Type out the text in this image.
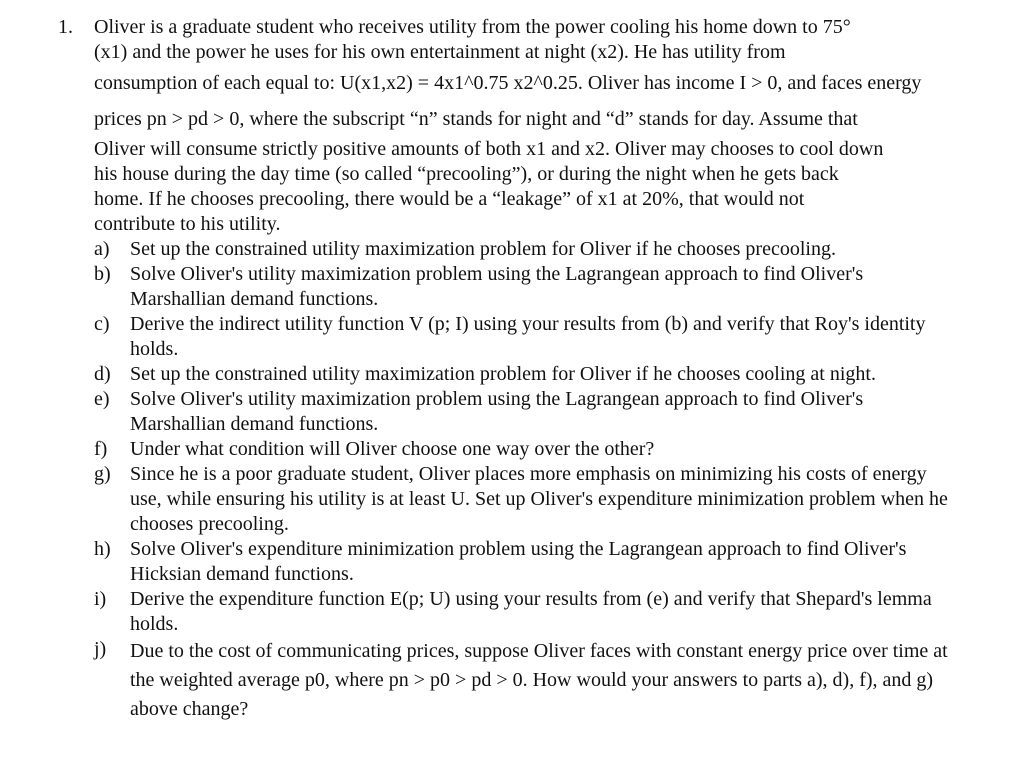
1. Oliver is a graduate student who receives utility from the power cooling his home down to 75°
(x1) and the power he uses for his own entertainment at night (x2). He has utility from
consumption of each equal to: U(x1,x2) = 4x1^0.75 x2^0.25. Oliver has income I > 0, and faces energy
prices pn > pd > 0, where the subscript “n” stands for night and “d” stands for day. Assume that
Oliver will consume strictly positive amounts of both x1 and x2. Oliver may chooses to cool down
his house during the day time (so called “precooling”), or during the night when he gets back
home. If he chooses precooling, there would be a “leakage” of x1 at 20%, that would not
contribute to his utility.
a) Set up the constrained utility maximization problem for Oliver if he chooses precooling.
b) Solve Oliver's utility maximization problem using the Lagrangean approach to find Oliver's Marshallian demand functions.
c) Derive the indirect utility function V (p; I) using your results from (b) and verify that Roy's identity holds.
d) Set up the constrained utility maximization problem for Oliver if he chooses cooling at night.
e) Solve Oliver's utility maximization problem using the Lagrangean approach to find Oliver's Marshallian demand functions.
f) Under what condition will Oliver choose one way over the other?
g) Since he is a poor graduate student, Oliver places more emphasis on minimizing his costs of energy use, while ensuring his utility is at least U. Set up Oliver's expenditure minimization problem when he chooses precooling.
h) Solve Oliver's expenditure minimization problem using the Lagrangean approach to find Oliver's Hicksian demand functions.
i) Derive the expenditure function E(p; U) using your results from (e) and verify that Shepard's lemma holds.
j) Due to the cost of communicating prices, suppose Oliver faces with constant energy price over time at the weighted average p0, where pn > p0 > pd > 0. How would your answers to parts a), d), f), and g) above change?
